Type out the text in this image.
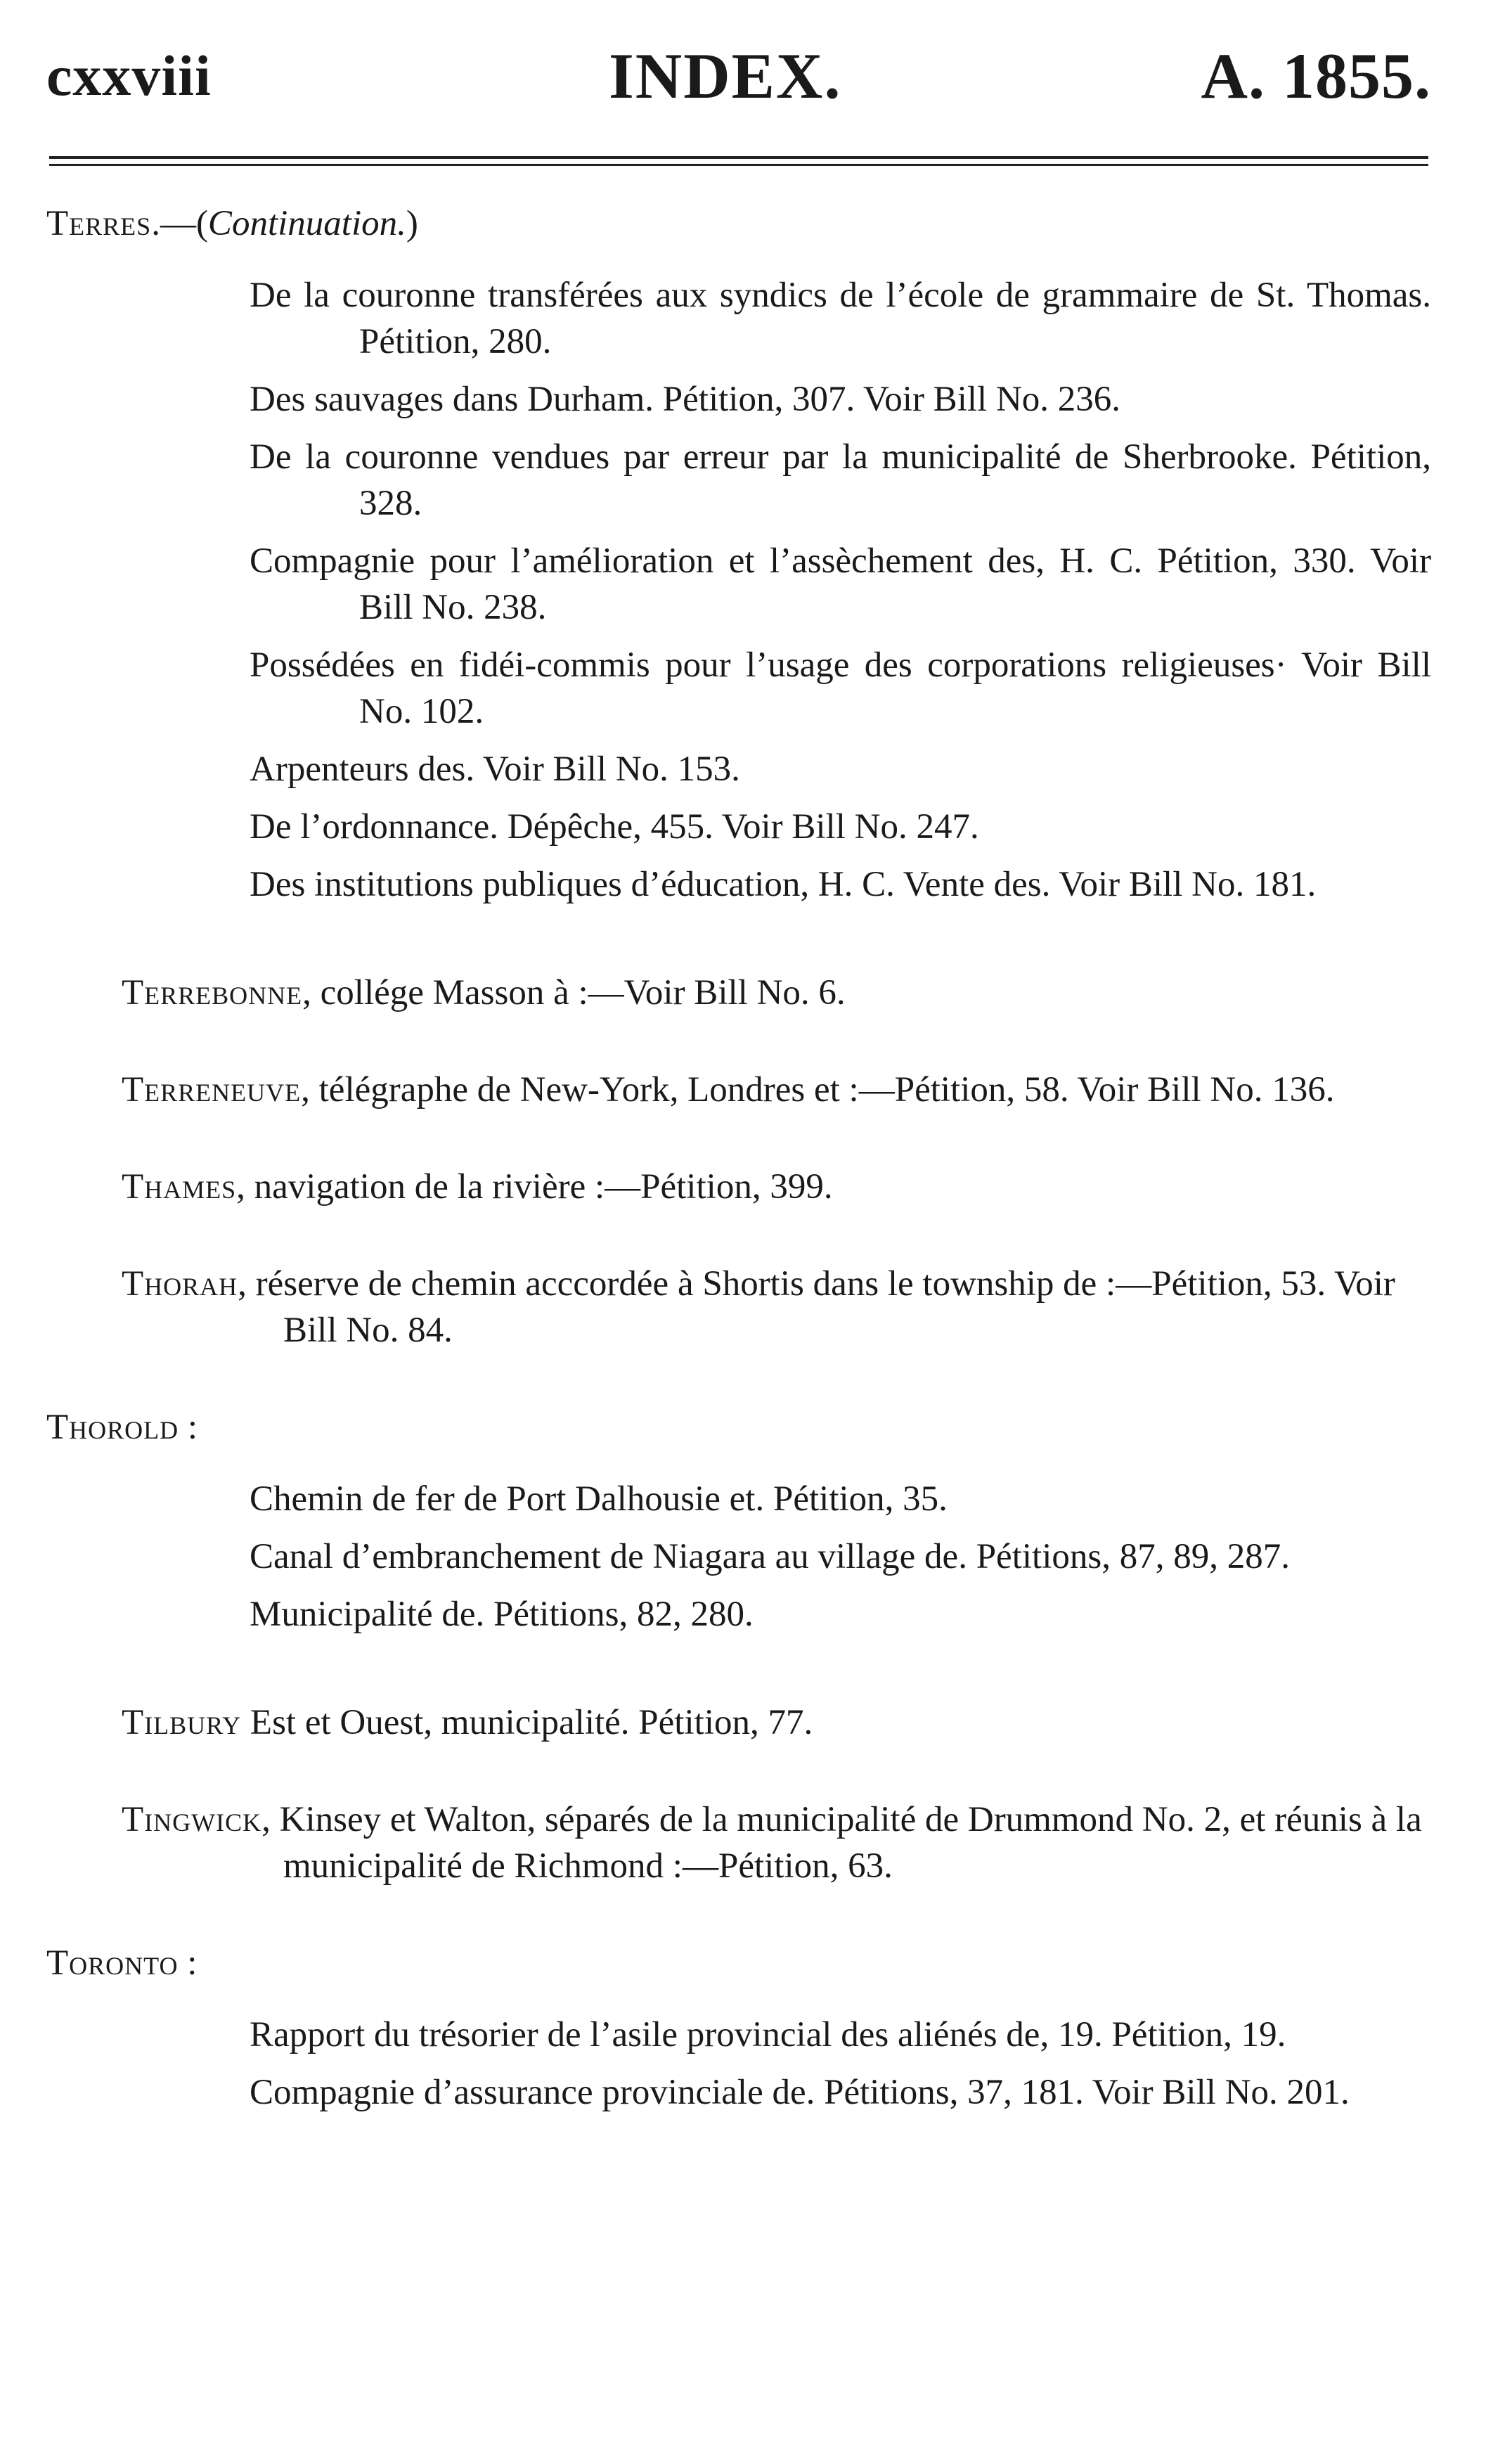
cxxviii	INDEX.	A. 1855.
Terres.—(Continuation.)
De la couronne transférées aux syndics de l’école de grammaire de St. Thomas. Pétition, 280.
Des sauvages dans Durham. Pétition, 307. Voir Bill No. 236.
De la couronne vendues par erreur par la municipalité de Sherbrooke. Pétition, 328.
Compagnie pour l’amélioration et l’assèchement des, H. C. Pétition, 330. Voir Bill No. 238.
Possédées en fidéi-commis pour l’usage des corporations religieuses· Voir Bill No. 102.
Arpenteurs des. Voir Bill No. 153.
De l’ordonnance. Dépêche, 455. Voir Bill No. 247.
Des institutions publiques d’éducation, H. C. Vente des. Voir Bill No. 181.
Terrebonne, collége Masson à :—Voir Bill No. 6.
Terreneuve, télégraphe de New-York, Londres et :—Pétition, 58. Voir Bill No. 136.
Thames, navigation de la rivière :—Pétition, 399.
Thorah, réserve de chemin acccordée à Shortis dans le township de :—Pétition, 53. Voir Bill No. 84.
Thorold :
Chemin de fer de Port Dalhousie et. Pétition, 35.
Canal d’embranchement de Niagara au village de. Pétitions, 87, 89, 287.
Municipalité de. Pétitions, 82, 280.
Tilbury Est et Ouest, municipalité. Pétition, 77.
Tingwick, Kinsey et Walton, séparés de la municipalité de Drummond No. 2, et réunis à la municipalité de Richmond :—Pétition, 63.
Toronto :
Rapport du trésorier de l’asile provincial des aliénés de, 19. Pétition, 19.
Compagnie d’assurance provinciale de. Pétitions, 37, 181. Voir Bill No. 201.
